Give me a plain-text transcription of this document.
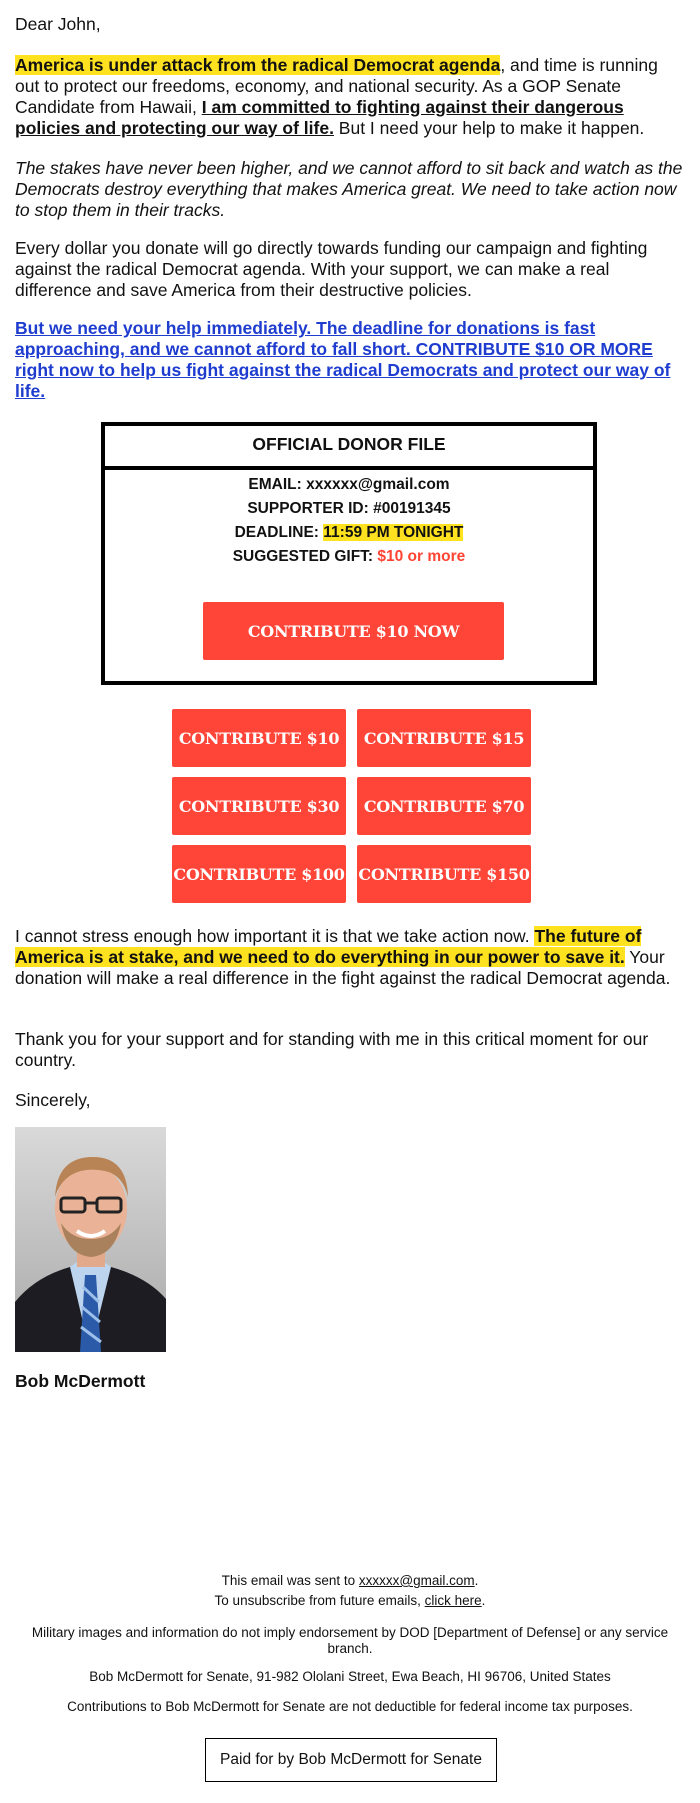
Dear John,

America is under attack from the radical Democrat agenda, and time is running out to protect our freedoms, economy, and national security. As a GOP Senate Candidate from Hawaii, I am committed to fighting against their dangerous policies and protecting our way of life. But I need your help to make it happen.

The stakes have never been higher, and we cannot afford to sit back and watch as the Democrats destroy everything that makes America great. We need to take action now to stop them in their tracks.

Every dollar you donate will go directly towards funding our campaign and fighting against the radical Democrat agenda. With your support, we can make a real difference and save America from their destructive policies.

But we need your help immediately. The deadline for donations is fast approaching, and we cannot afford to fall short. CONTRIBUTE $10 OR MORE right now to help us fight against the radical Democrats and protect our way of life.

OFFICIAL DONOR FILE
EMAIL: xxxxxx@gmail.com
SUPPORTER ID: #00191345
DEADLINE: 11:59 PM TONIGHT
SUGGESTED GIFT: $10 or more
CONTRIBUTE $10 NOW
CONTRIBUTE $10	CONTRIBUTE $15
CONTRIBUTE $30	CONTRIBUTE $70
CONTRIBUTE $100 CONTRIBUTE $150

I cannot stress enough how important it is that we take action now. The future of America is at stake, and we need to do everything in our power to save it. Your donation will make a real difference in the fight against the radical Democrat agenda.

Thank you for your support and for standing with me in this critical moment for our country.

Sincerely,

Bob McDermott

This email was sent to xxxxxx@gmail.com.
To unsubscribe from future emails, click here.
Military images and information do not imply endorsement by DOD [Department of Defense] or any service branch.
Bob McDermott for Senate, 91-982 Ololani Street, Ewa Beach, HI 96706, United States
Contributions to Bob McDermott for Senate are not deductible for federal income tax purposes.
Paid for by Bob McDermott for Senate
